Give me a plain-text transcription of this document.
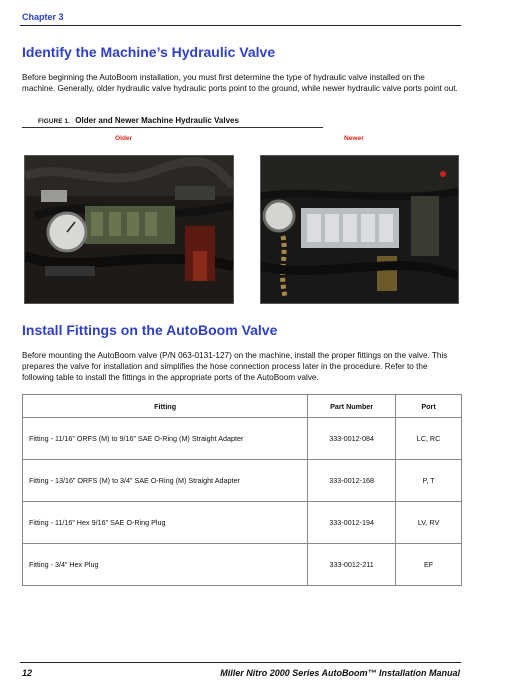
Chapter 3
Identify the Machine’s Hydraulic Valve
Before beginning the AutoBoom installation, you must first determine the type of hydraulic valve installed on the machine. Generally, older hydraulic valve hydraulic ports point to the ground, while newer hydraulic valve ports point out.
FIGURE 1. Older and Newer Machine Hydraulic Valves
Older	Newer
Install Fittings on the AutoBoom Valve
Before mounting the AutoBoom valve (P/N 063-0131-127) on the machine, install the proper fittings on the valve. This prepares the valve for installation and simplifies the hose connection process later in the procedure. Refer to the following table to install the fittings in the appropriate ports of the AutoBoom valve.
Fitting	Part Number	Port
Fitting - 11/16” ORFS (M) to 9/16” SAE O-Ring (M) Straight Adapter	333-0012-084	LC, RC
Fitting - 13/16” ORFS (M) to 3/4” SAE O-Ring (M) Straight Adapter	333-0012-168	P, T
Fitting - 11/16” Hex 9/16” SAE O-Ring Plug	333-0012-194	LV, RV
Fitting - 3/4” Hex Plug	333-0012-211	EF
12	Miller Nitro 2000 Series AutoBoom™ Installation Manual
